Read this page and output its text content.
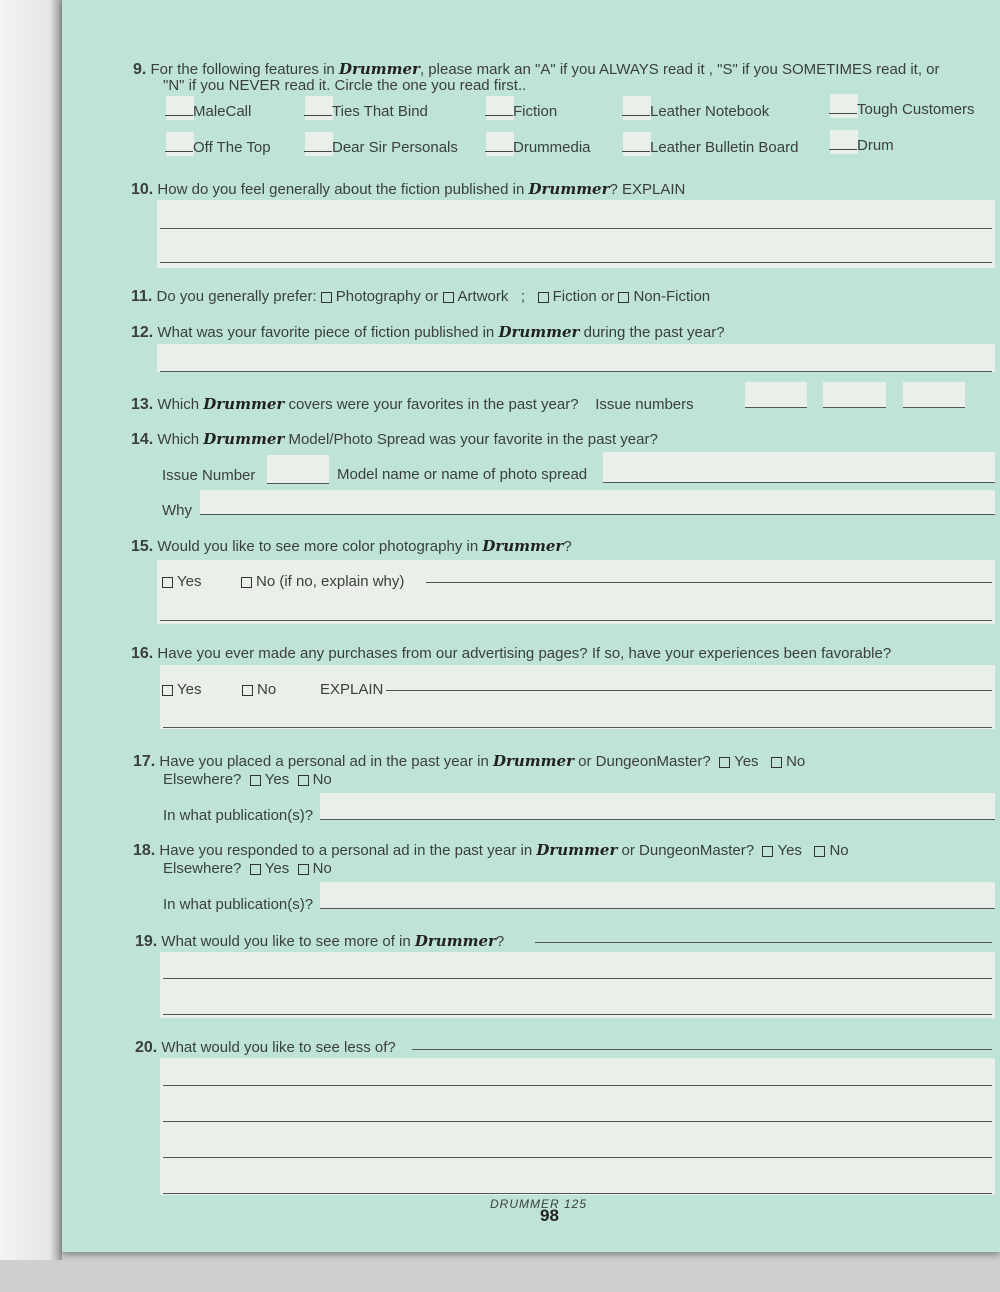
9. For the following features in Drummer, please mark an "A" if you ALWAYS read it , "S" if you SOMETIMES read it, or
"N" if you NEVER read it. Circle the one you read first..
MaleCall	Ties That Bind	Fiction	Leather Notebook	Tough Customers
Off The Top	Dear Sir Personals	Drummedia	Leather Bulletin Board	Drum
10. How do you feel generally about the fiction published in Drummer? EXPLAIN
11. Do you generally prefer: Photography or Artwork ; Fiction or Non-Fiction
12. What was your favorite piece of fiction published in Drummer during the past year?
13. Which Drummer covers were your favorites in the past year? Issue numbers
14. Which Drummer Model/Photo Spread was your favorite in the past year?
Issue Number	Model name or name of photo spread
Why
15. Would you like to see more color photography in Drummer?
Yes	No (if no, explain why)
16. Have you ever made any purchases from our advertising pages? If so, have your experiences been favorable?
Yes	No	EXPLAIN
17. Have you placed a personal ad in the past year in Drummer or DungeonMaster? Yes No
Elsewhere? Yes No
In what publication(s)?
18. Have you responded to a personal ad in the past year in Drummer or DungeonMaster? Yes No
Elsewhere? Yes No
In what publication(s)?
19. What would you like to see more of in Drummer?
20. What would you like to see less of?
DRUMMER 125
98
